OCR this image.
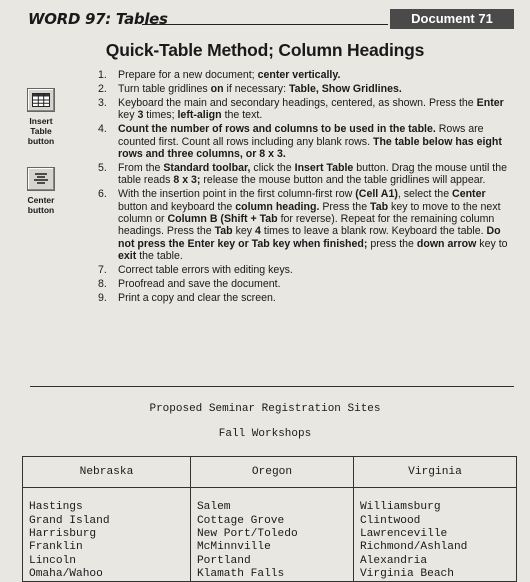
WORD 97: Tables	Document 71
Quick-Table Method; Column Headings
Insert
Table
button
Center
button
1. Prepare for a new document; center vertically.
2. Turn table gridlines on if necessary: Table, Show Gridlines.
3. Keyboard the main and secondary headings, centered, as shown. Press the Enter key 3 times; left-align the text.
4. Count the number of rows and columns to be used in the table. Rows are counted first. Count all rows including any blank rows. The table below has eight rows and three columns, or 8 x 3.
5. From the Standard toolbar, click the Insert Table button. Drag the mouse until the table reads 8 x 3; release the mouse button and the table gridlines will appear.
6. With the insertion point in the first column-first row (Cell A1), select the Center button and keyboard the column heading. Press the Tab key to move to the next column or Column B (Shift + Tab for reverse). Repeat for the remaining column headings. Press the Tab key 4 times to leave a blank row. Keyboard the table. Do not press the Enter key or Tab key when finished; press the down arrow key to exit the table.
7. Correct table errors with editing keys.
8. Proofread and save the document.
9. Print a copy and clear the screen.
Proposed Seminar Registration Sites
Fall Workshops
Nebraska	Oregon	Virginia

Hastings	Salem	Williamsburg
Grand Island	Cottage Grove	Clintwood
Harrisburg	New Port/Toledo	Lawrenceville
Franklin	McMinnville	Richmond/Ashland
Lincoln	Portland	Alexandria
Omaha/Wahoo	Klamath Falls	Virginia Beach
